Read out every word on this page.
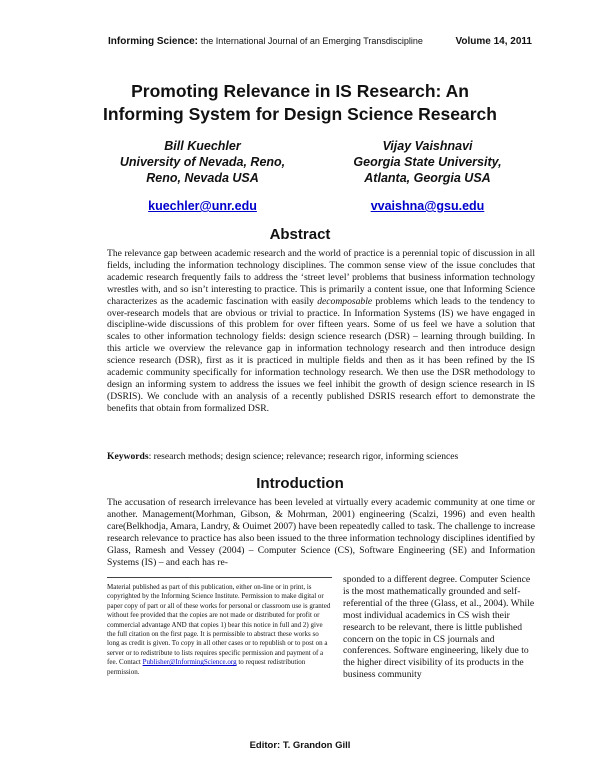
Informing Science: the International Journal of an Emerging Transdiscipline	Volume 14, 2011
Promoting Relevance in IS Research: An
Informing System for Design Science Research
Bill Kuechler
University of Nevada, Reno,
Reno, Nevada USA
kuechler@unr.edu
Vijay Vaishnavi
Georgia State University,
Atlanta, Georgia USA
vvaishna@gsu.edu
Abstract
The relevance gap between academic research and the world of practice is a perennial topic of discussion in all fields, including the information technology disciplines. The common sense view of the issue concludes that academic research frequently fails to address the ‘street level’ problems that business information technology wrestles with, and so isn’t interesting to practice. This is primarily a content issue, one that Informing Science characterizes as the academic fascination with easily decomposable problems which leads to the tendency to over-research models that are obvious or trivial to practice. In Information Systems (IS) we have engaged in discipline-wide discussions of this problem for over fifteen years. Some of us feel we have a solution that scales to other information technology fields: design science research (DSR) – learning through building. In this article we overview the relevance gap in information technology research and then introduce design science research (DSR), first as it is practiced in multiple fields and then as it has been refined by the IS academic community specifically for information technology research. We then use the DSR methodology to design an informing system to address the issues we feel inhibit the growth of design science research in IS (DSRIS). We conclude with an analysis of a recently published DSRIS research effort to demonstrate the benefits that obtain from formalized DSR.
Keywords: research methods; design science; relevance; research rigor, informing sciences
Introduction
The accusation of research irrelevance has been leveled at virtually every academic community at one time or another. Management(Morhman, Gibson, & Mohrman, 2001) engineering (Scalzi, 1996) and even health care(Belkhodja, Amara, Landry, & Ouimet 2007) have been repeatedly called to task. The challenge to increase research relevance to practice has also been issued to the three information technology disciplines identified by Glass, Ramesh and Vessey (2004) – Computer Science (CS), Software Engineering (SE) and Information Systems (IS) – and each has re-
sponded to a different degree. Computer Science is the most mathematically grounded and self-referential of the three (Glass, et al., 2004). While most individual academics in CS wish their research to be relevant, there is little published concern on the topic in CS journals and conferences. Software engineering, likely due to the higher direct visibility of its products in the business community
Material published as part of this publication, either on-line or in print, is copyrighted by the Informing Science Institute. Permission to make digital or paper copy of part or all of these works for personal or classroom use is granted without fee provided that the copies are not made or distributed for profit or commercial advantage AND that copies 1) bear this notice in full and 2) give the full citation on the first page. It is permissible to abstract these works so long as credit is given. To copy in all other cases or to republish or to post on a server or to redistribute to lists requires specific permission and payment of a fee. Contact Publisher@InformingScience.org to request redistribution permission.
Editor: T. Grandon Gill
